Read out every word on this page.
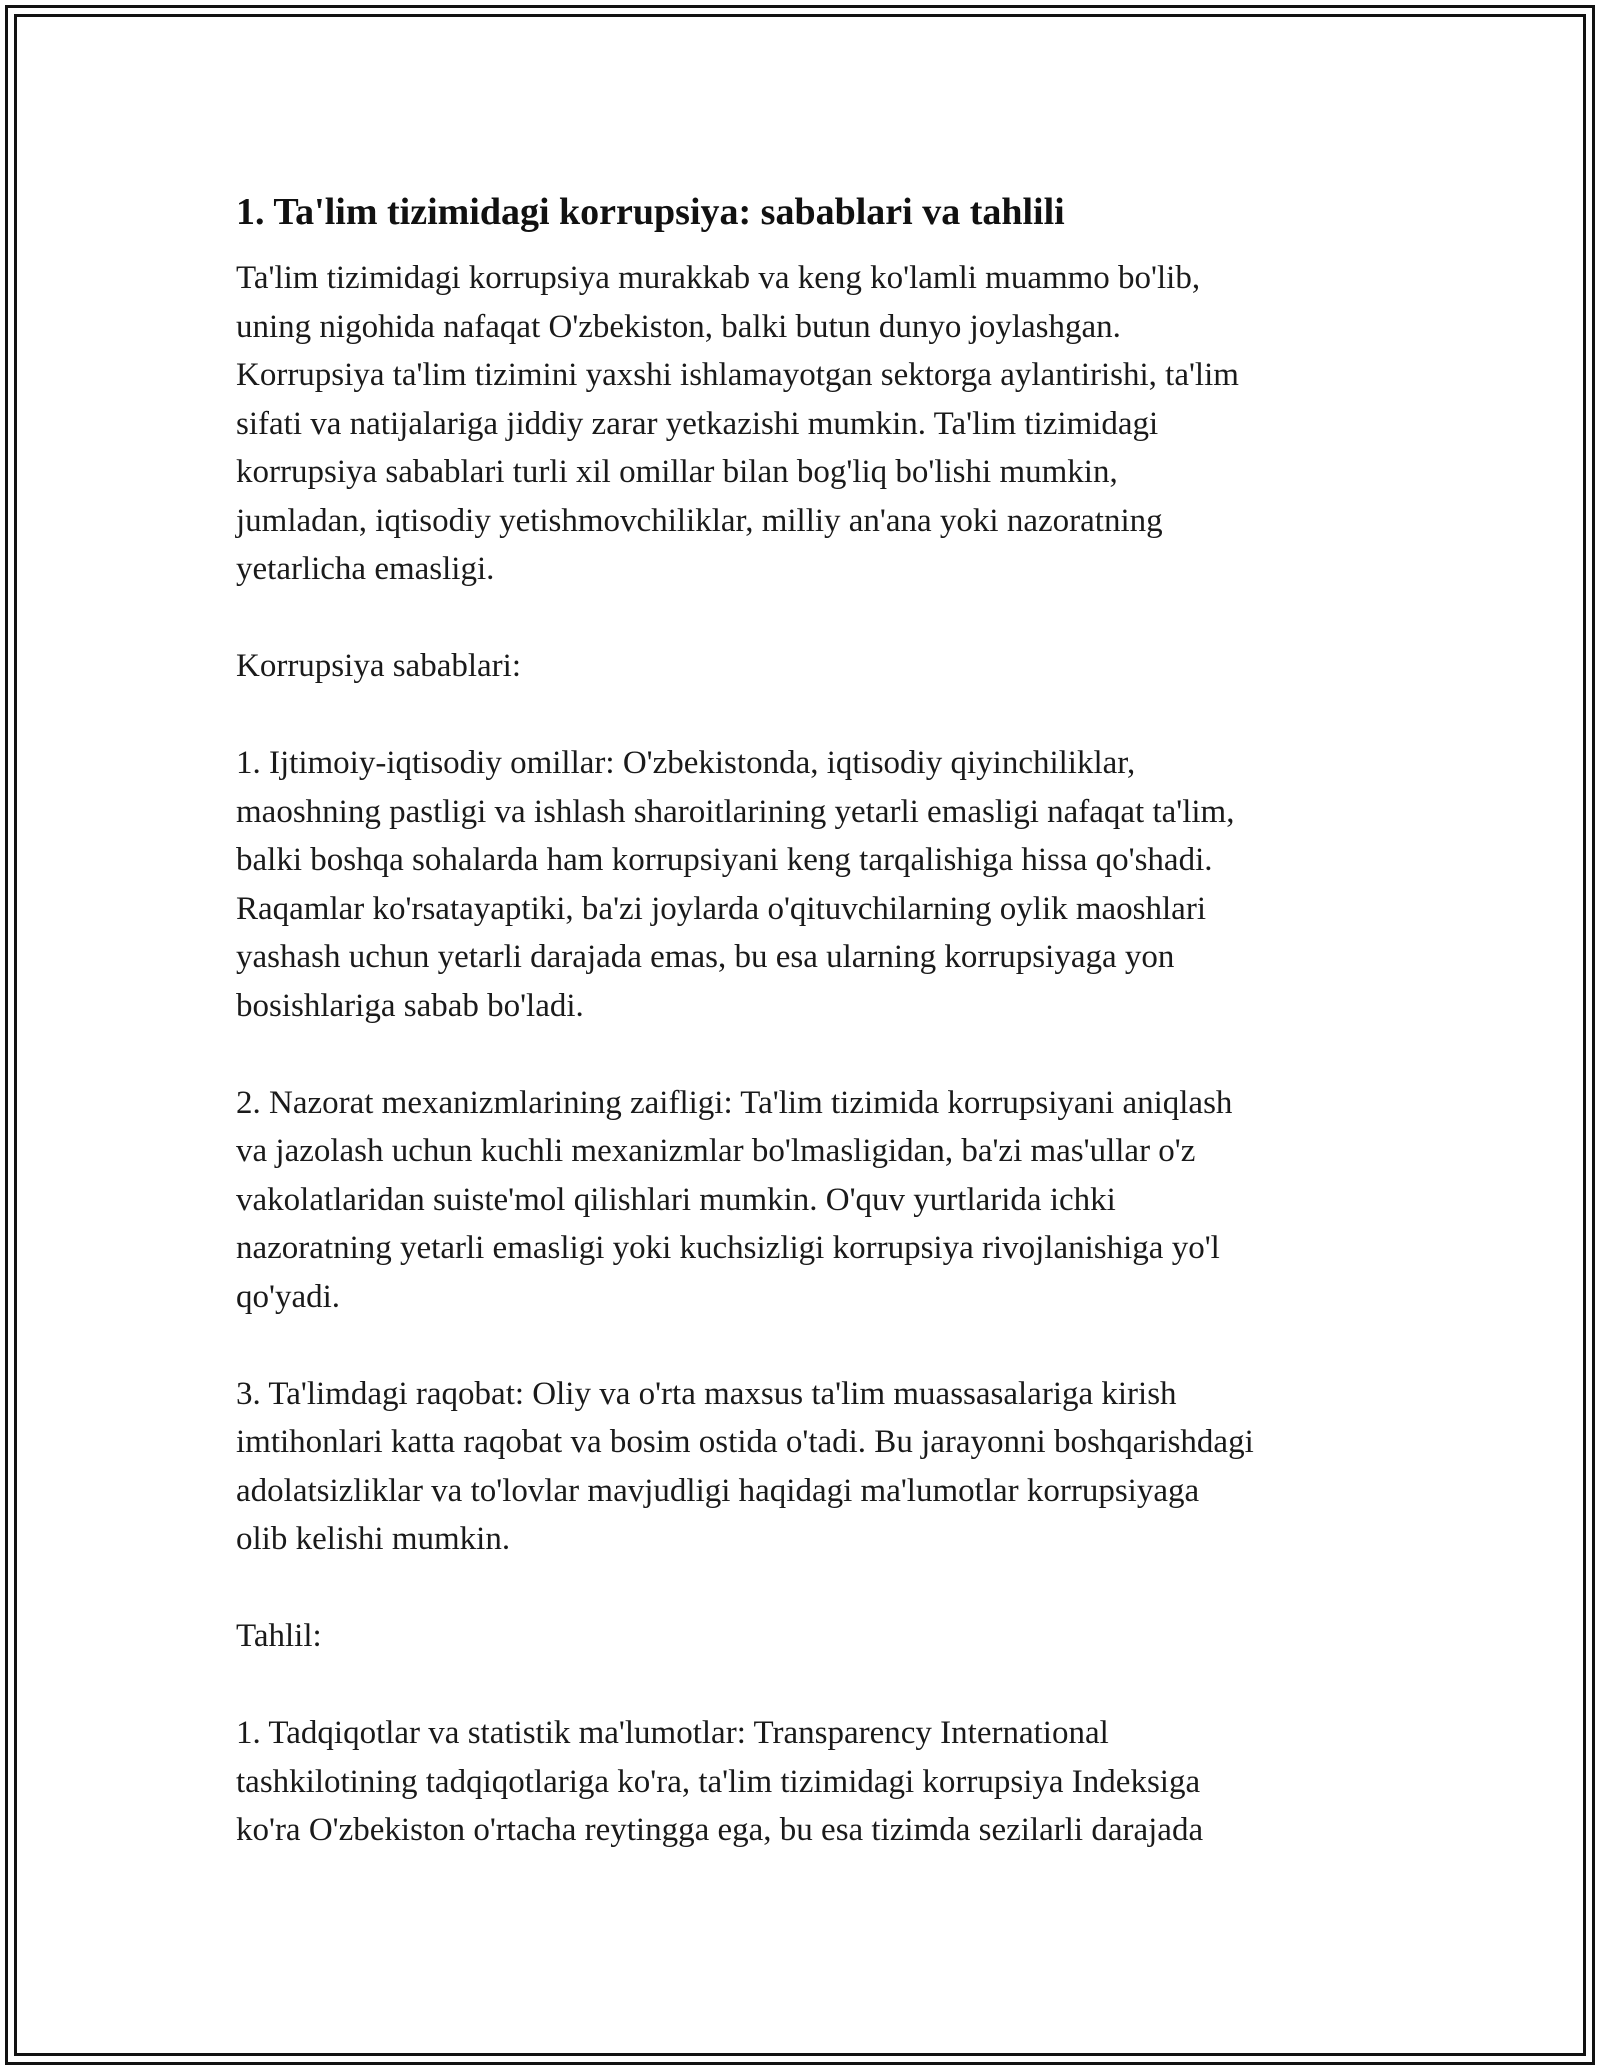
1. Ta'lim tizimidagi korrupsiya: sabablari va tahlili
Ta'lim tizimidagi korrupsiya murakkab va keng ko'lamli muammo bo'lib,
uning nigohida nafaqat O'zbekiston, balki butun dunyo joylashgan.
Korrupsiya ta'lim tizimini yaxshi ishlamayotgan sektorga aylantirishi, ta'lim
sifati va natijalariga jiddiy zarar yetkazishi mumkin. Ta'lim tizimidagi
korrupsiya sabablari turli xil omillar bilan bog'liq bo'lishi mumkin,
jumladan, iqtisodiy yetishmovchiliklar, milliy an'ana yoki nazoratning
yetarlicha emasligi.

Korrupsiya sabablari:

1. Ijtimoiy-iqtisodiy omillar: O'zbekistonda, iqtisodiy qiyinchiliklar,
maoshning pastligi va ishlash sharoitlarining yetarli emasligi nafaqat ta'lim,
balki boshqa sohalarda ham korrupsiyani keng tarqalishiga hissa qo'shadi.
Raqamlar ko'rsatayaptiki, ba'zi joylarda o'qituvchilarning oylik maoshlari
yashash uchun yetarli darajada emas, bu esa ularning korrupsiyaga yon
bosishlariga sabab bo'ladi.

2. Nazorat mexanizmlarining zaifligi: Ta'lim tizimida korrupsiyani aniqlash
va jazolash uchun kuchli mexanizmlar bo'lmasligidan, ba'zi mas'ullar o'z
vakolatlaridan suiste'mol qilishlari mumkin. O'quv yurtlarida ichki
nazoratning yetarli emasligi yoki kuchsizligi korrupsiya rivojlanishiga yo'l
qo'yadi.

3. Ta'limdagi raqobat: Oliy va o'rta maxsus ta'lim muassasalariga kirish
imtihonlari katta raqobat va bosim ostida o'tadi. Bu jarayonni boshqarishdagi
adolatsizliklar va to'lovlar mavjudligi haqidagi ma'lumotlar korrupsiyaga
olib kelishi mumkin.

Tahlil:

1. Tadqiqotlar va statistik ma'lumotlar: Transparency International
tashkilotining tadqiqotlariga ko'ra, ta'lim tizimidagi korrupsiya Indeksiga
ko'ra O'zbekiston o'rtacha reytingga ega, bu esa tizimda sezilarli darajada
